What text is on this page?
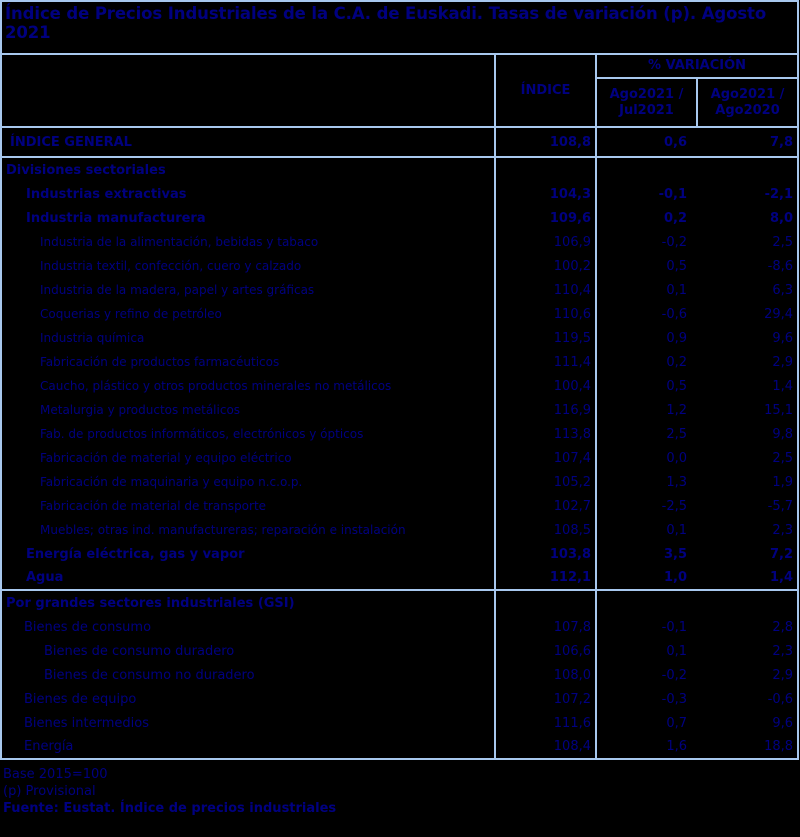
Índice de Precios Industriales de la C.A. de Euskadi. Tasas de variación (p). Agosto 2021			
	ÍNDICE	% VARIACIÓN	
		Ago2021 / Jul2021	Ago2021 / Ago2020
ÍNDICE GENERAL	108,8	0,6	7,8
Divisiones sectoriales			
Industrias extractivas	104,3	-0,1	-2,1
Industria manufacturera	109,6	0,2	8,0
Industria de la alimentación, bebidas y tabaco	106,9	-0,2	2,5
Industria textil, confección, cuero y calzado	100,2	0,5	-8,6
Industria de la madera, papel y artes gráficas	110,4	0,1	6,3
Coquerias y refino de petróleo	110,6	-0,6	29,4
Industria química	119,5	0,9	9,6
Fabricación de productos farmacéuticos	111,4	0,2	2,9
Caucho, plástico y otros productos minerales no metálicos	100,4	0,5	1,4
Metalurgia y productos metálicos	116,9	1,2	15,1
Fab. de productos informáticos, electrónicos y ópticos	113,8	2,5	9,8
Fabricación de material y equipo eléctrico	107,4	0,0	2,5
Fabricación de maquinaria y equipo n.c.o.p.	105,2	1,3	1,9
Fabricación de material de transporte	102,7	-2,5	-5,7
Muebles; otras ind. manufactureras; reparación e instalación	108,5	0,1	2,3
Energía eléctrica, gas y vapor	103,8	3,5	7,2
Agua	112,1	1,0	1,4
Por grandes sectores industriales (GSI)			
Bienes de consumo	107,8	-0,1	2,8
Bienes de consumo duradero	106,6	0,1	2,3
Bienes de consumo no duradero	108,0	-0,2	2,9
Bienes de equipo	107,2	-0,3	-0,6
Bienes intermedios	111,6	0,7	9,6
Energía	108,4	1,6	18,8
Base 2015=100
(p) Provisional
Fuente: Eustat. Índice de precios industriales
